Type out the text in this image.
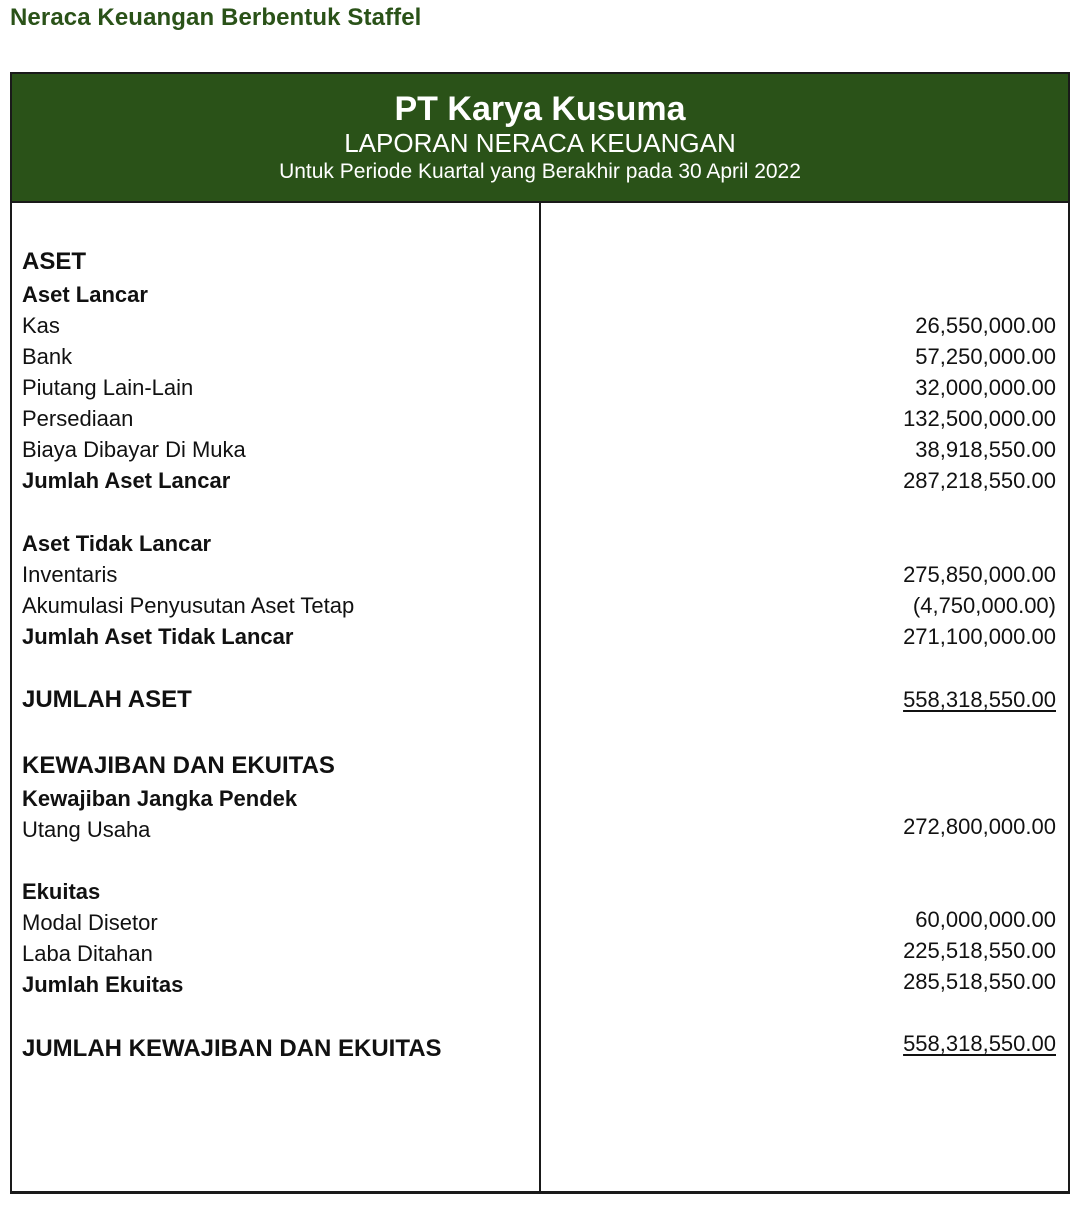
Neraca Keuangan Berbentuk Staffel
PT Karya Kusuma
LAPORAN NERACA KEUANGAN
Untuk Periode Kuartal yang Berakhir pada 30 April 2022
ASET
Aset Lancar
Kas	26,550,000.00
Bank	57,250,000.00
Piutang Lain-Lain	32,000,000.00
Persediaan	132,500,000.00
Biaya Dibayar Di Muka	38,918,550.00
Jumlah Aset Lancar	287,218,550.00
Aset Tidak Lancar
Inventaris	275,850,000.00
Akumulasi Penyusutan Aset Tetap	(4,750,000.00)
Jumlah Aset Tidak Lancar	271,100,000.00
JUMLAH ASET	558,318,550.00
KEWAJIBAN DAN EKUITAS
Kewajiban Jangka Pendek
Utang Usaha	272,800,000.00
Ekuitas
Modal Disetor	60,000,000.00
Laba Ditahan	225,518,550.00
Jumlah Ekuitas	285,518,550.00
JUMLAH KEWAJIBAN DAN EKUITAS	558,318,550.00
